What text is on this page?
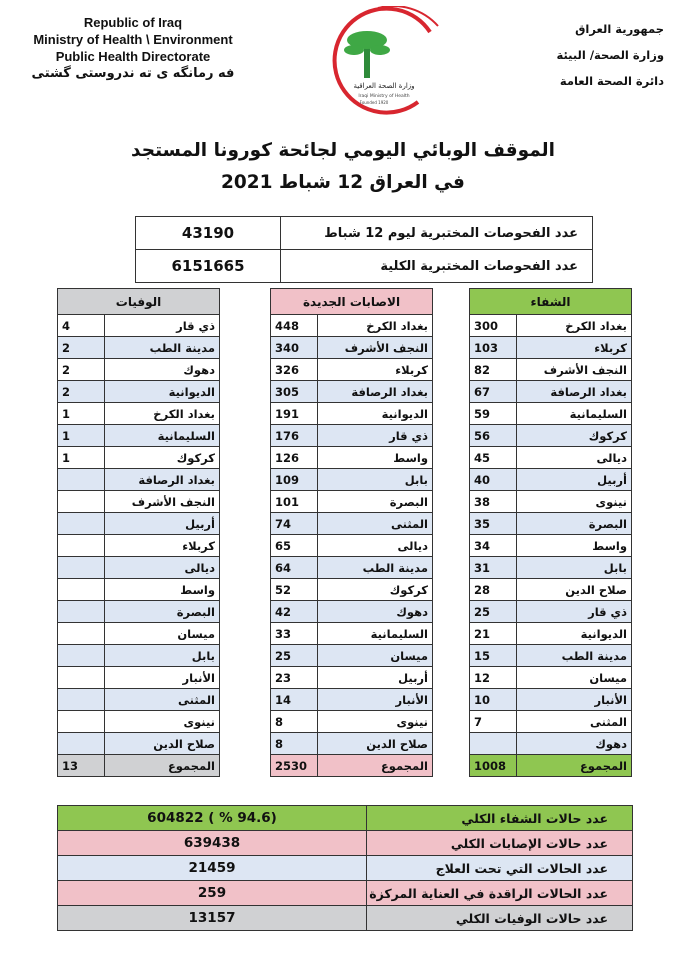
Republic of Iraq
Ministry of Health \ Environment
Public Health Directorate
فه رمانگه ى ته ندروستى گشتى
وزارة الصحة العراقية
Iraqi Ministry of Health
Founded 1920
جمهورية العراق
وزارة الصحة/ البيئة
دائرة الصحة العامة
الموقف الوبائي اليومي لجائحة كورونا المستجد
في العراق 12 شباط 2021
43190	عدد الفحوصات المختبرية ليوم 12 شباط
6151665	عدد الفحوصات المختبرية الكلية
الشفاء	
300	بغداد الكرخ
103	كربلاء
82	النجف الأشرف
67	بغداد الرصافة
59	السليمانية
56	كركوك
45	ديالى
40	أربيل
38	نينوى
35	البصرة
34	واسط
31	بابل
28	صلاح الدين
25	ذي قار
21	الديوانية
15	مدينة الطب
12	ميسان
10	الأنبار
7	المثنى
	دهوك
1008	المجموع
الاصابات الجديدة	
448	بغداد الكرخ
340	النجف الأشرف
326	كربلاء
305	بغداد الرصافة
191	الديوانية
176	ذي قار
126	واسط
109	بابل
101	البصرة
74	المثنى
65	ديالى
64	مدينة الطب
52	كركوك
42	دهوك
33	السليمانية
25	ميسان
23	أربيل
14	الأنبار
8	نينوى
8	صلاح الدين
2530	المجموع
الوفيات	
4	ذي قار
2	مدينة الطب
2	دهوك
2	الديوانية
1	بغداد الكرخ
1	السليمانية
1	كركوك
	بغداد الرصافة
	النجف الأشرف
	أربيل
	كربلاء
	ديالى
	واسط
	البصرة
	ميسان
	بابل
	الأنبار
	المثنى
	نينوى
	صلاح الدين
13	المجموع
604822 ( % 94.6)	عدد حالات الشفاء الكلي
639438	عدد حالات الإصابات الكلي
21459	عدد الحالات التي تحت العلاج
259	عدد الحالات الراقدة في العناية المركزة
13157	عدد حالات الوفيات الكلي
